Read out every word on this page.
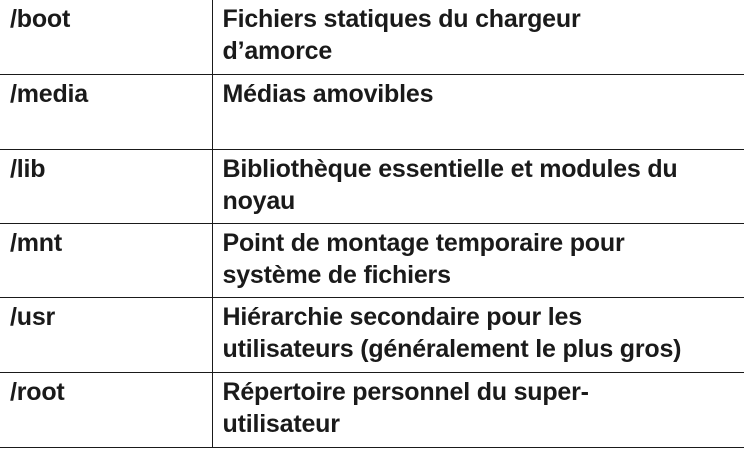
/boot	Fichiers statiques du chargeur
d’amorce

/media	Médias amovibles

/lib	Bibliothèque essentielle et modules du
noyau

/mnt	Point de montage temporaire pour
système de fichiers

/usr	Hiérarchie secondaire pour les
utilisateurs (généralement le plus gros)

/root	Répertoire personnel du super-
utilisateur
